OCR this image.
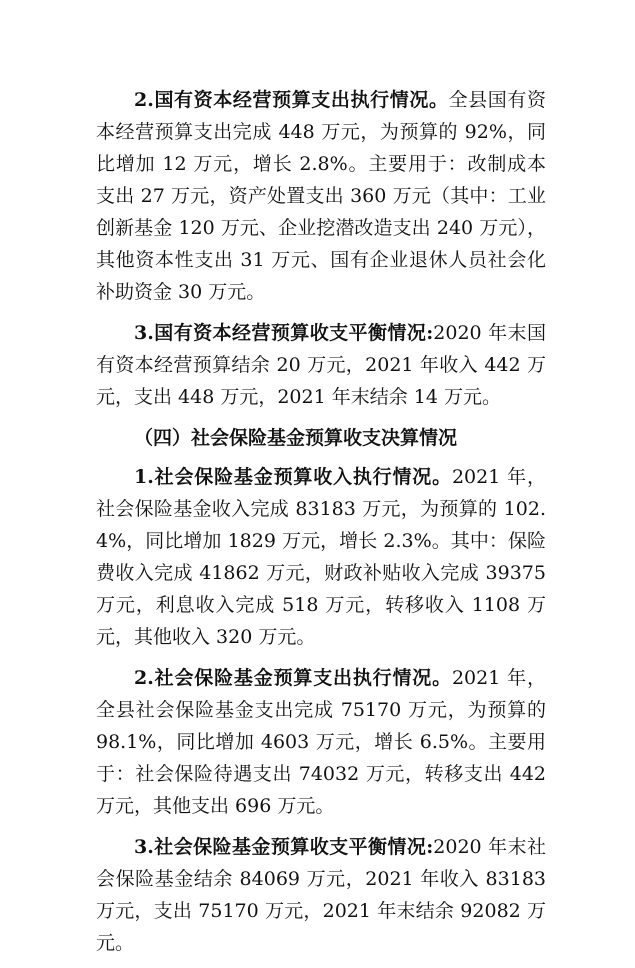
2.国有资本经营预算支出执行情况。全县国有资本经营预算支出完成 448 万元，为预算的 92%，同比增加 12 万元，增长 2.8%。主要用于：改制成本支出 27 万元，资产处置支出 360 万元（其中：工业创新基金 120 万元、企业挖潜改造支出 240 万元），其他资本性支出 31 万元、国有企业退休人员社会化补助资金 30 万元。

3.国有资本经营预算收支平衡情况:2020 年末国有资本经营预算结余 20 万元，2021 年收入 442 万元，支出 448 万元，2021 年末结余 14 万元。

（四）社会保险基金预算收支决算情况

1.社会保险基金预算收入执行情况。2021 年，社会保险基金收入完成 83183 万元，为预算的 102.4%，同比增加 1829 万元，增长 2.3%。其中：保险费收入完成 41862 万元，财政补贴收入完成 39375 万元，利息收入完成 518 万元，转移收入 1108 万元，其他收入 320 万元。

2.社会保险基金预算支出执行情况。2021 年，全县社会保险基金支出完成 75170 万元，为预算的 98.1%，同比增加 4603 万元，增长 6.5%。主要用于：社会保险待遇支出 74032 万元，转移支出 442 万元，其他支出 696 万元。

3.社会保险基金预算收支平衡情况:2020 年末社会保险基金结余 84069 万元，2021 年收入 83183 万元，支出 75170 万元，2021 年末结余 92082 万元。
